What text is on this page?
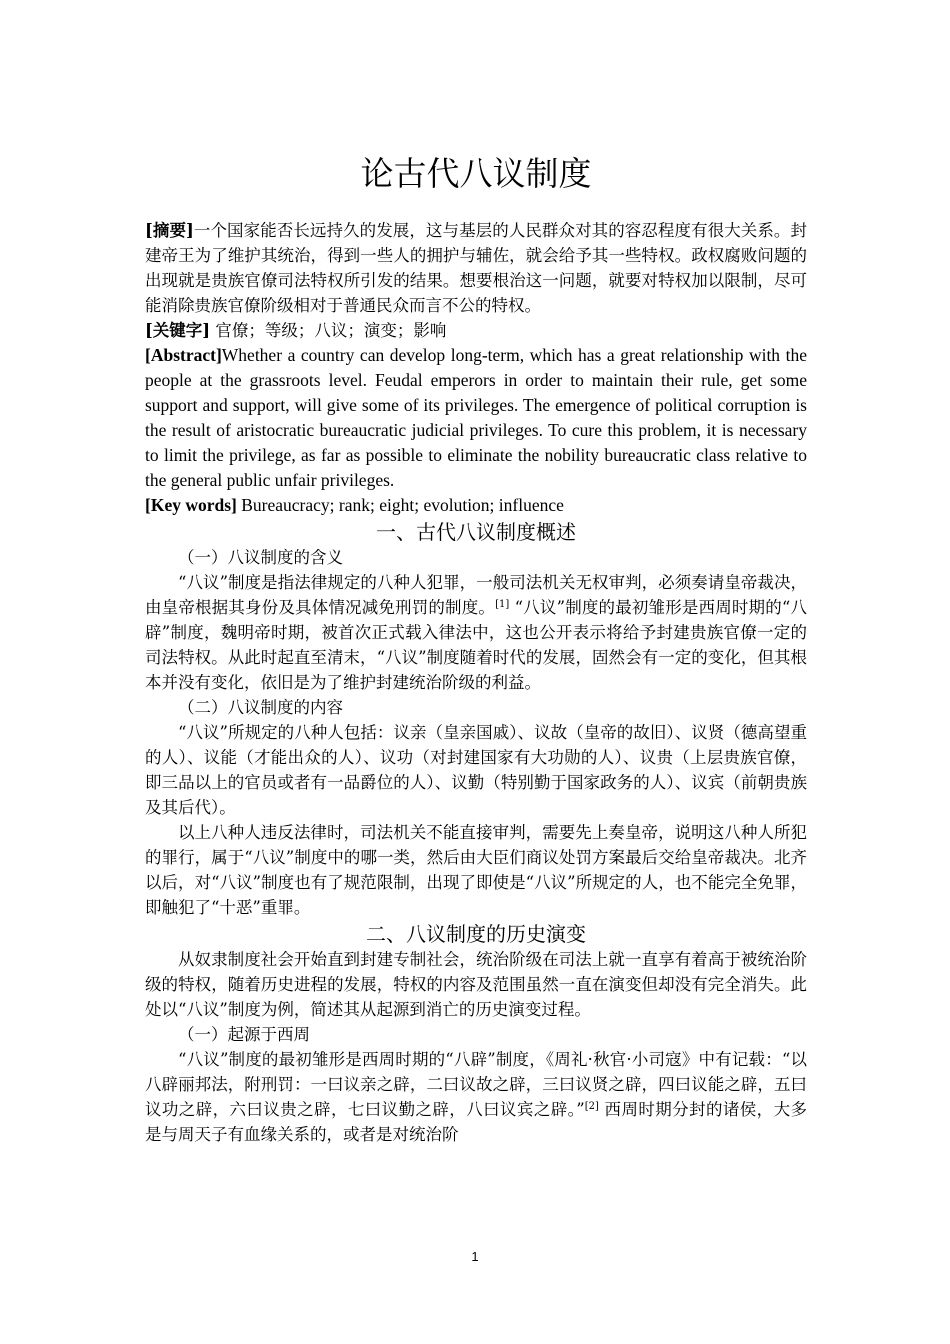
论古代八议制度

[摘要]一个国家能否长远持久的发展，这与基层的人民群众对其的容忍程度有很大关系。封建帝王为了维护其统治，得到一些人的拥护与辅佐，就会给予其一些特权。政权腐败问题的出现就是贵族官僚司法特权所引发的结果。想要根治这一问题，就要对特权加以限制，尽可能消除贵族官僚阶级相对于普通民众而言不公的特权。

[关键字] 官僚；等级；八议；演变；影响

[Abstract]Whether a country can develop long-term, which has a great relationship with the people at the grassroots level. Feudal emperors in order to maintain their rule, get some support and support, will give some of its privileges. The emergence of political corruption is the result of aristocratic bureaucratic judicial privileges. To cure this problem, it is necessary to limit the privilege, as far as possible to eliminate the nobility bureaucratic class relative to the general public unfair privileges.

[Key words] Bureaucracy; rank; eight; evolution; influence

一、古代八议制度概述
（一）八议制度的含义

“八议”制度是指法律规定的八种人犯罪，一般司法机关无权审判，必须奏请皇帝裁决，由皇帝根据其身份及具体情况减免刑罚的制度。[1] “八议”制度的最初雏形是西周时期的“八辟”制度，魏明帝时期，被首次正式载入律法中，这也公开表示将给予封建贵族官僚一定的司法特权。从此时起直至清末，“八议”制度随着时代的发展，固然会有一定的变化，但其根本并没有变化，依旧是为了维护封建统治阶级的利益。

（二）八议制度的内容

“八议”所规定的八种人包括：议亲（皇亲国戚）、议故（皇帝的故旧）、议贤（德高望重的人）、议能（才能出众的人）、议功（对封建国家有大功勋的人）、议贵（上层贵族官僚，即三品以上的官员或者有一品爵位的人）、议勤（特别勤于国家政务的人）、议宾（前朝贵族及其后代）。

以上八种人违反法律时，司法机关不能直接审判，需要先上奏皇帝，说明这八种人所犯的罪行，属于“八议”制度中的哪一类，然后由大臣们商议处罚方案最后交给皇帝裁决。北齐以后，对“八议”制度也有了规范限制，出现了即使是“八议”所规定的人，也不能完全免罪，即触犯了“十恶”重罪。

二、八议制度的历史演变

从奴隶制度社会开始直到封建专制社会，统治阶级在司法上就一直享有着高于被统治阶级的特权，随着历史进程的发展，特权的内容及范围虽然一直在演变但却没有完全消失。此处以“八议”制度为例，简述其从起源到消亡的历史演变过程。

（一）起源于西周

“八议”制度的最初雏形是西周时期的“八辟”制度，《周礼·秋官·小司寇》中有记载：“以八辟丽邦法，附刑罚：一曰议亲之辟，二曰议故之辟，三曰议贤之辟，四曰议能之辟，五曰议功之辟，六曰议贵之辟，七曰议勤之辟，八曰议宾之辟。”[2] 西周时期分封的诸侯，大多是与周天子有血缘关系的，或者是对统治阶

1
